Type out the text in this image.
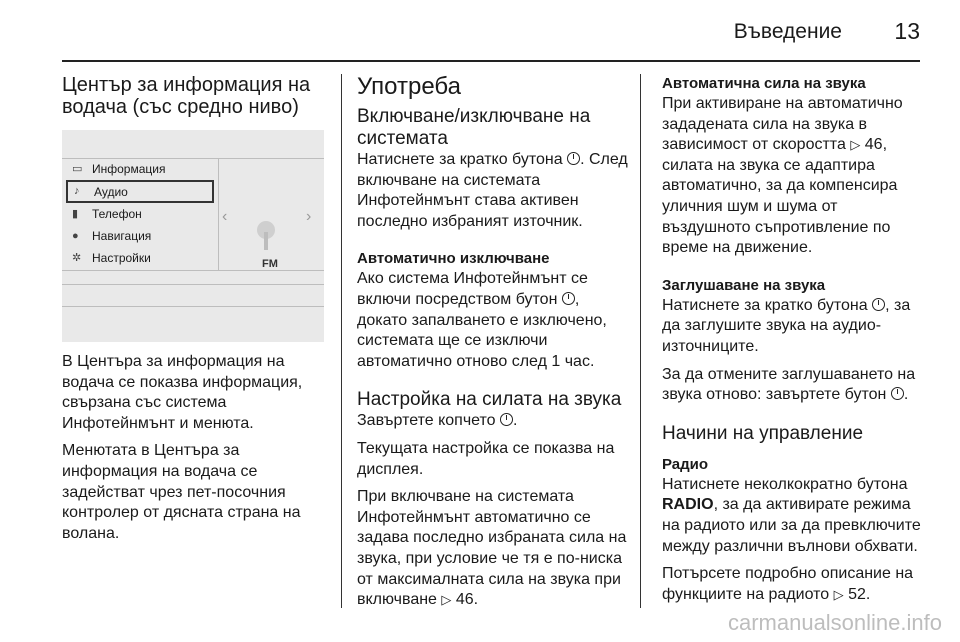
Въведение 13
Център за информация на водача (със средно ниво)
▭ Информация
♪	Аудио
▮	Телефон
●	Навигация
✲ Настройки
‹	›
FM

В Центъра за информация на водача се показва информация, свързана със система Инфотейнмънт и менюта.

Менютата в Центъра за информация на водача се задействат чрез пет-посочния контролер от дясната страна на волана.

Употреба
Включване/изключване на системата

Натиснете за кратко бутона . След включване на системата Инфотейнмънт става активен последно избраният източник.

Автоматично изключване

Ако система Инфотейнмънт се включи посредством бутон , докато запалването е изключено, системата ще се изключи автоматично отново след 1 час.

Настройка на силата на звука

Завъртете копчето .

Текущата настройка се показва на дисплея.

При включване на системата Инфотейнмънт автоматично се задава последно избраната сила на звука, при условие че тя е по-ниска от максималната сила на звука при включване ▷ 46.

Автоматична сила на звука

При активиране на автоматично зададената сила на звука в зависимост от скоростта ▷ 46, силата на звука се адаптира автоматично, за да компенсира уличния шум и шума от въздушното съпротивление по време на движение.

Заглушаване на звука

Натиснете за кратко бутона , за да заглушите звука на аудио-източниците.

За да отмените заглушаването на звука отново: завъртете бутон .

Начини на управление
Радио

Натиснете неколкократно бутона RADIO, за да активирате режима на радиото или за да превключите между различни вълнови обхвати.

Потърсете подробно описание на функциите на радиото ▷ 52.

carmanualsonline.info
